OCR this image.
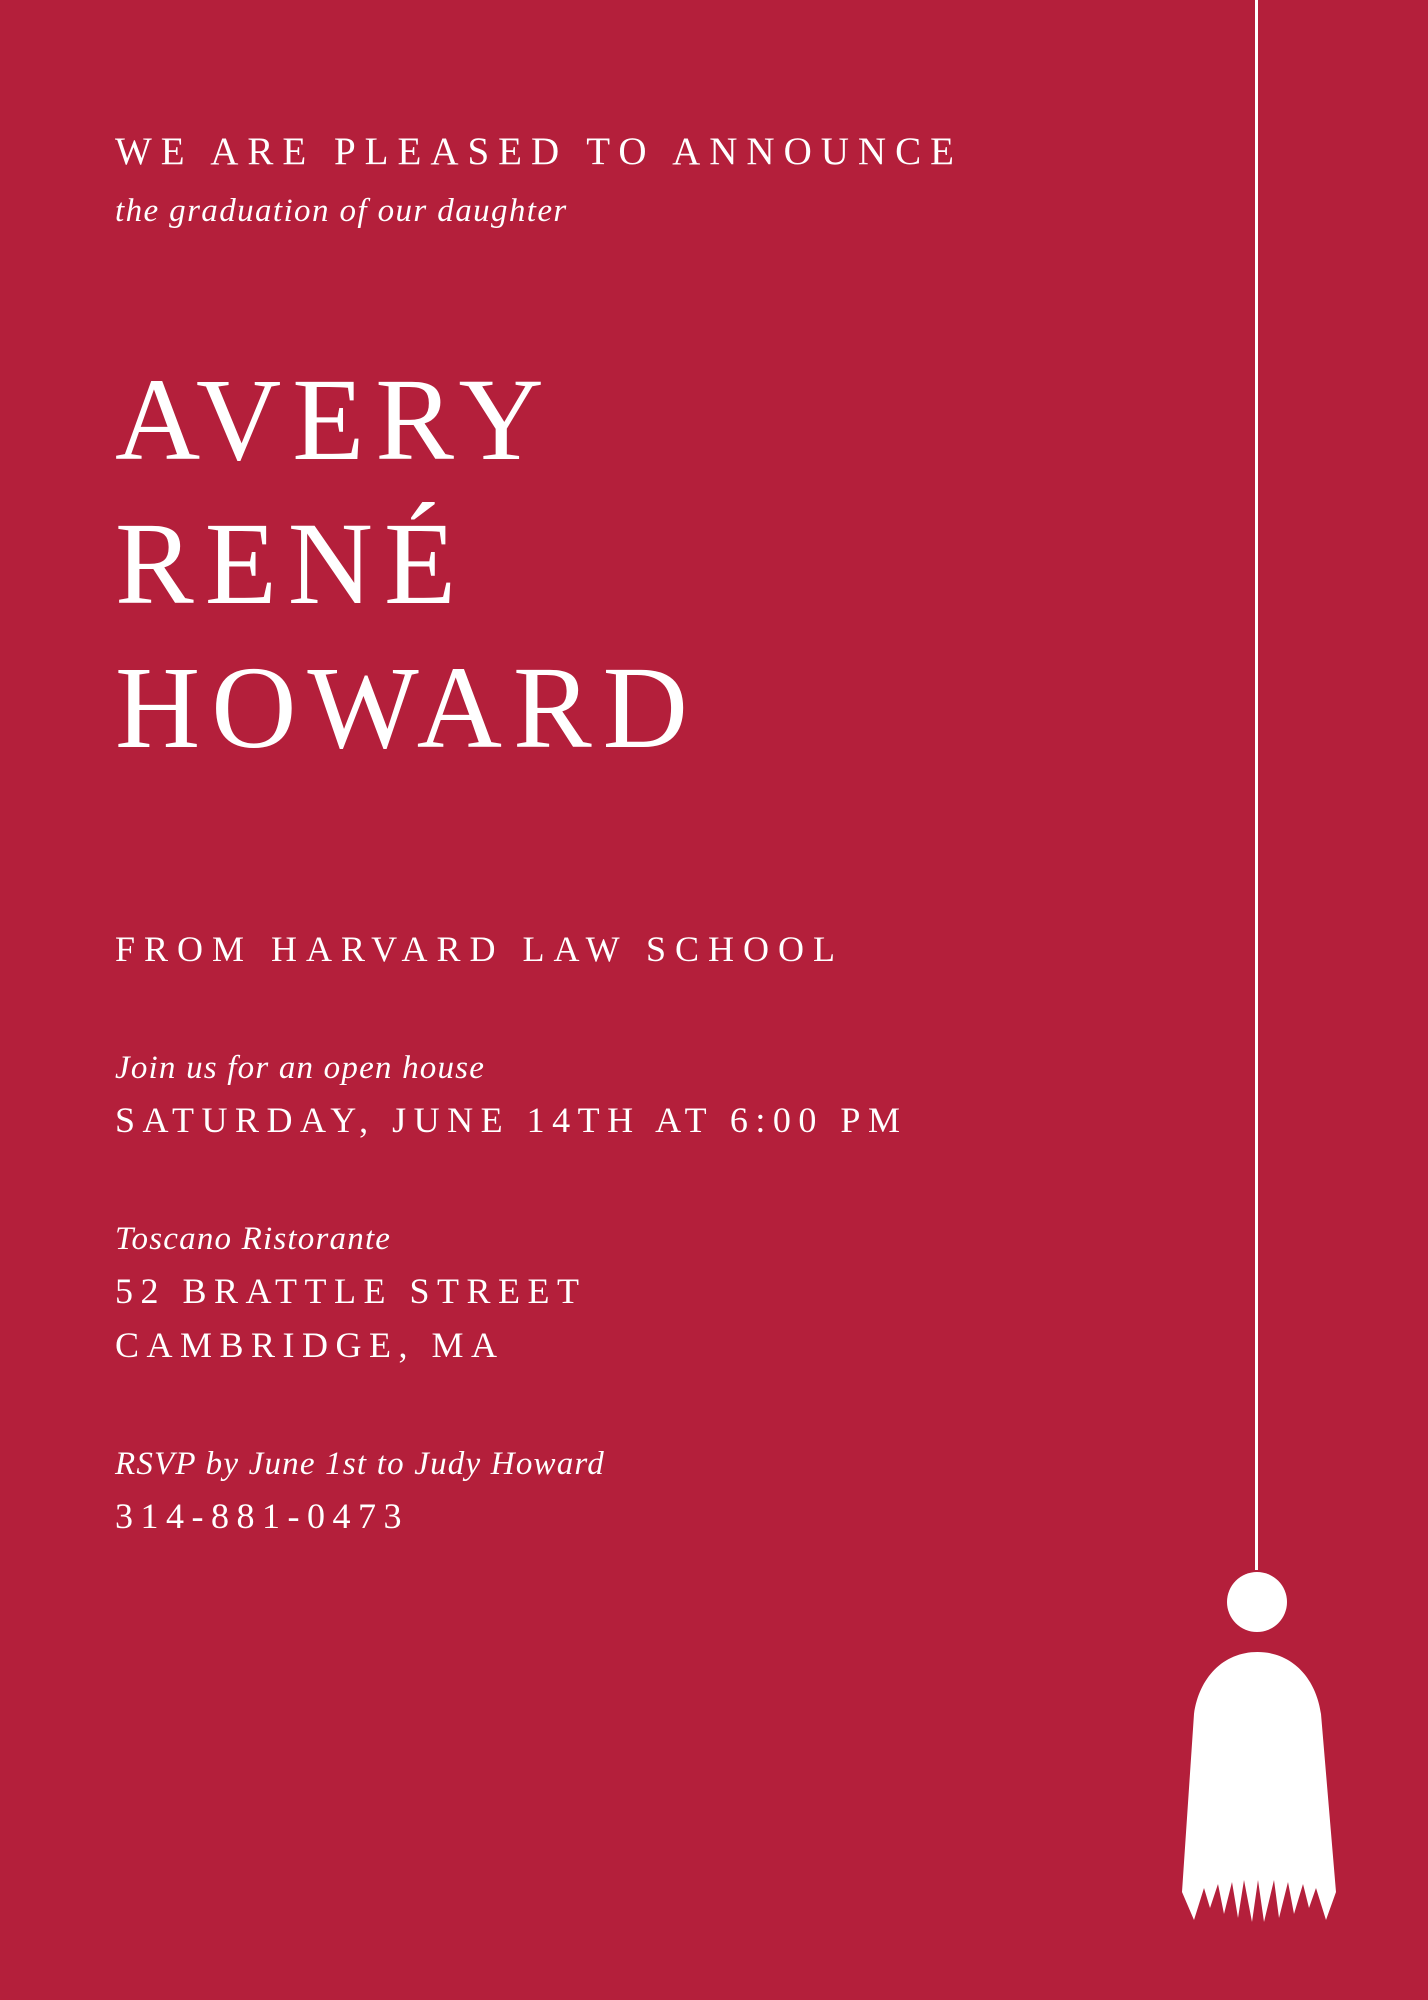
WE ARE PLEASED TO ANNOUNCE

the graduation of our daughter

AVERY

RENÉ

HOWARD

FROM HARVARD LAW SCHOOL

Join us for an open house

SATURDAY, JUNE 14TH AT 6:00 PM

Toscano Ristorante

52 BRATTLE STREET

CAMBRIDGE, MA

RSVP by June 1st to Judy Howard

314-881-0473
